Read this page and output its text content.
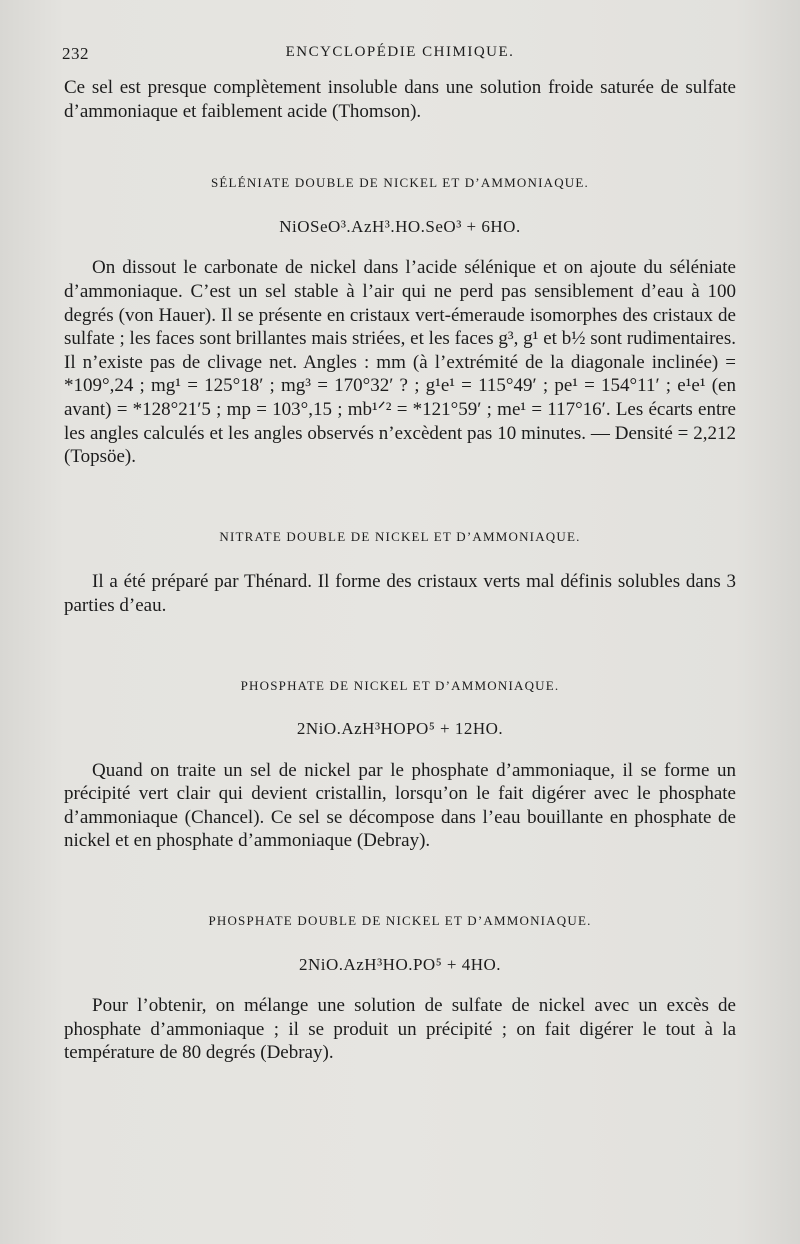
232	ENCYCLOPÉDIE CHIMIQUE.

Ce sel est presque complètement insoluble dans une solution froide saturée de sulfate d’ammoniaque et faiblement acide (Thomson).

SÉLÉNIATE DOUBLE DE NICKEL ET D’AMMONIAQUE.
NiOSeO³.AzH³.HO.SeO³ + 6HO.

On dissout le carbonate de nickel dans l’acide sélénique et on ajoute du séléniate d’ammoniaque. C’est un sel stable à l’air qui ne perd pas sensiblement d’eau à 100 degrés (von Hauer). Il se présente en cristaux vert-émeraude isomorphes des cristaux de sulfate ; les faces sont brillantes mais striées, et les faces g³, g¹ et b½ sont rudimentaires. Il n’existe pas de clivage net. Angles : mm (à l’extrémité de la diagonale inclinée) = *109°,24 ; mg¹ = 125°18′ ; mg³ = 170°32′ ? ; g¹e¹ = 115°49′ ; pe¹ = 154°11′ ; e¹e¹ (en avant) = *128°21′5 ; mp = 103°,15 ; mb¹ᐟ² = *121°59′ ; me¹ = 117°16′. Les écarts entre les angles calculés et les angles observés n’excèdent pas 10 minutes. — Densité = 2,212 (Topsöe).

NITRATE DOUBLE DE NICKEL ET D’AMMONIAQUE.

Il a été préparé par Thénard. Il forme des cristaux verts mal définis solubles dans 3 parties d’eau.

PHOSPHATE DE NICKEL ET D’AMMONIAQUE.
2NiO.AzH³HOPO⁵ + 12HO.

Quand on traite un sel de nickel par le phosphate d’ammoniaque, il se forme un précipité vert clair qui devient cristallin, lorsqu’on le fait digérer avec le phosphate d’ammoniaque (Chancel). Ce sel se décompose dans l’eau bouillante en phosphate de nickel et en phosphate d’ammoniaque (Debray).

PHOSPHATE DOUBLE DE NICKEL ET D’AMMONIAQUE.
2NiO.AzH³HO.PO⁵ + 4HO.

Pour l’obtenir, on mélange une solution de sulfate de nickel avec un excès de phosphate d’ammoniaque ; il se produit un précipité ; on fait digérer le tout à la température de 80 degrés (Debray).
